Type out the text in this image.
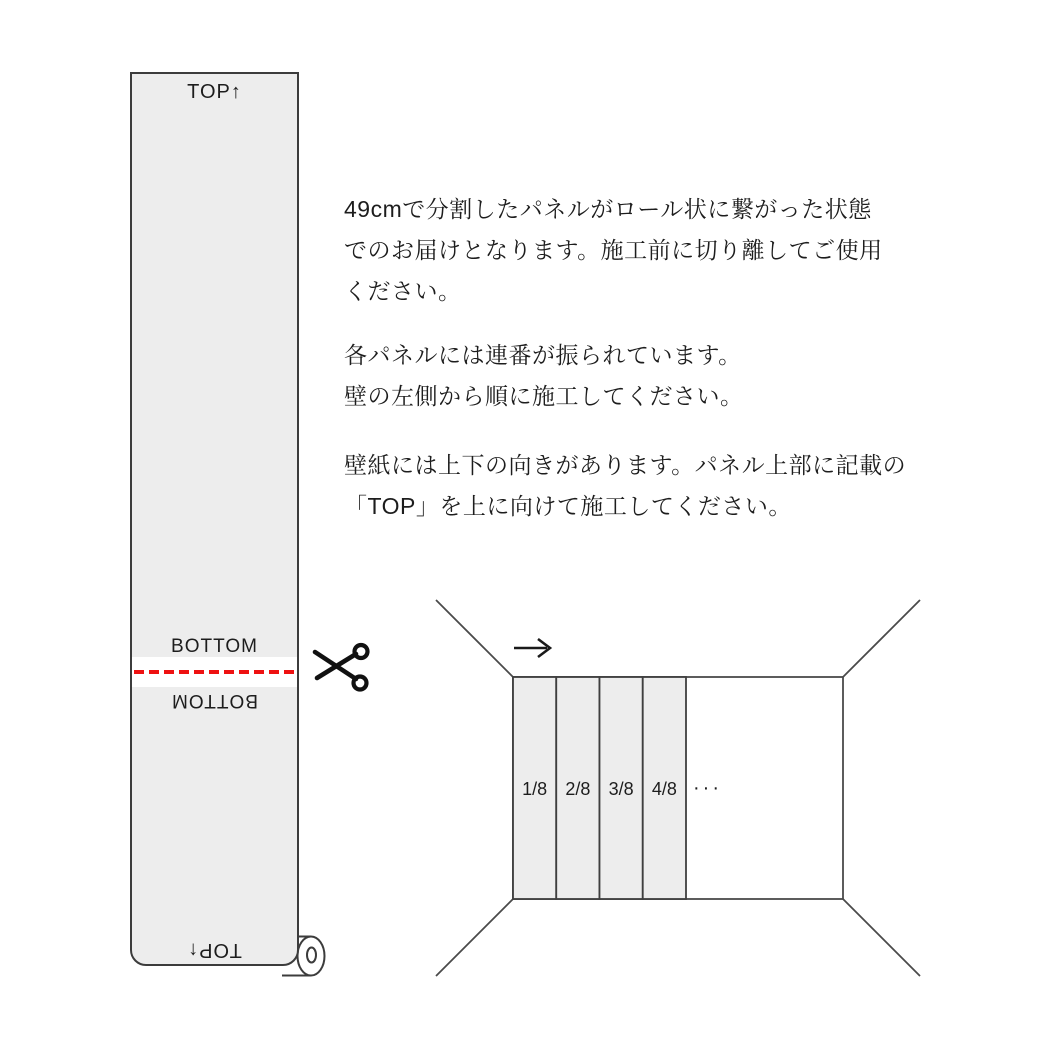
TOP↑
BOTTOM
BOTTOM
TOP↑
49cmで分割したパネルがロール状に繋がった状態
でのお届けとなります。施工前に切り離してご使用
ください。
各パネルには連番が振られています。
壁の左側から順に施工してください。
壁紙には上下の向きがあります。パネル上部に記載の
「TOP」を上に向けて施工してください。
1/8 2/8 3/8 4/8 ···
